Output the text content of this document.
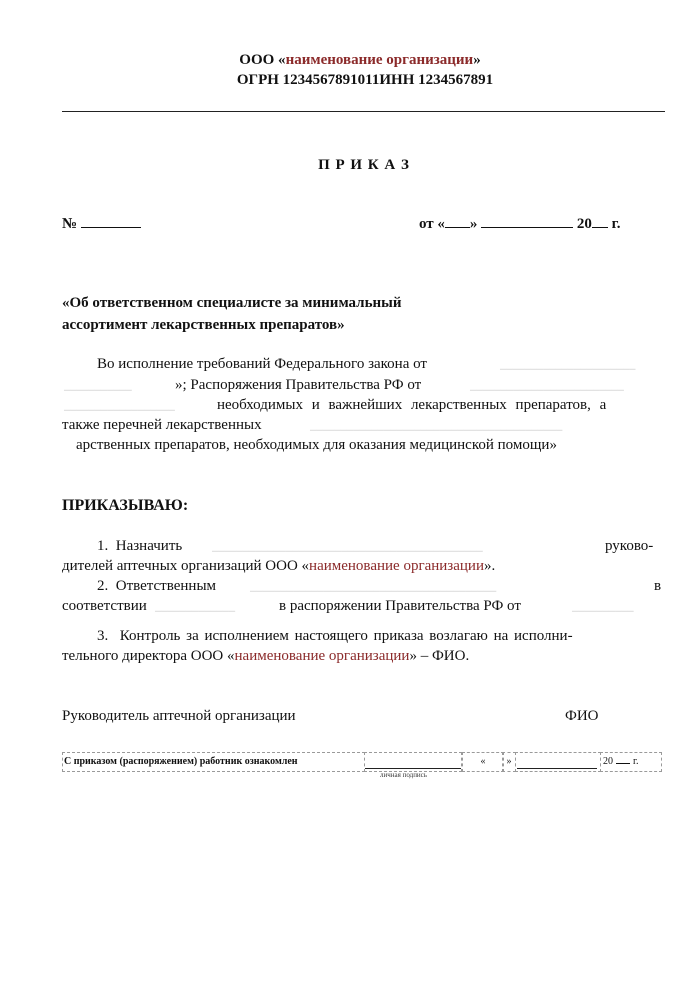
ООО «наименование организации»
ОГРН 1234567891011ИНН 1234567891
П Р И К А З
№	от « »	20 г.
«Об ответственном специалисте за минимальный
ассортимент лекарственных препаратов»
Во исполнение требований Федерального закона от	▁▁▁▁▁▁▁▁▁▁▁▁▁▁▁▁▁▁▁▁▁▁
▁▁▁▁▁▁▁▁▁▁▁	»; Распоряжения Правительства РФ от	▁▁▁▁▁▁▁▁▁▁▁▁▁▁▁▁▁▁▁▁▁▁▁▁▁
▁▁▁▁▁▁▁▁▁▁▁▁▁▁▁▁▁▁	необходимых и важнейших лекарственных препаратов, а
также перечней лекарственных	▁▁▁▁▁▁▁▁▁▁▁▁▁▁▁▁▁▁▁▁▁▁▁▁▁▁▁▁▁▁▁▁▁▁▁▁▁▁▁▁▁
арственных препаратов, необходимых для оказания медицинской помощи»
ПРИКАЗЫВАЮ:
1. Назначить	▁▁▁▁▁▁▁▁▁▁▁▁▁▁▁▁▁▁▁▁▁▁▁▁▁▁▁▁▁▁▁▁▁▁▁▁▁▁▁▁▁▁▁▁	руково-
дителей аптечных организаций ООО «наименование организации».
2. Ответственным	▁▁▁▁▁▁▁▁▁▁▁▁▁▁▁▁▁▁▁▁▁▁▁▁▁▁▁▁▁▁▁▁▁▁▁▁▁▁▁▁	в
соответствии ▁▁▁▁▁▁▁▁▁▁▁▁▁	в распоряжении Правительства РФ от	▁▁▁▁▁▁▁▁▁▁
3. Контроль за исполнением настоящего приказа возлагаю на исполни-
тельного директора ООО «наименование организации» – ФИО.
Руководитель аптечной организации	ФИО
С приказом (распоряжением) работник ознакомлен
личная подпись
«	»	20 г.
